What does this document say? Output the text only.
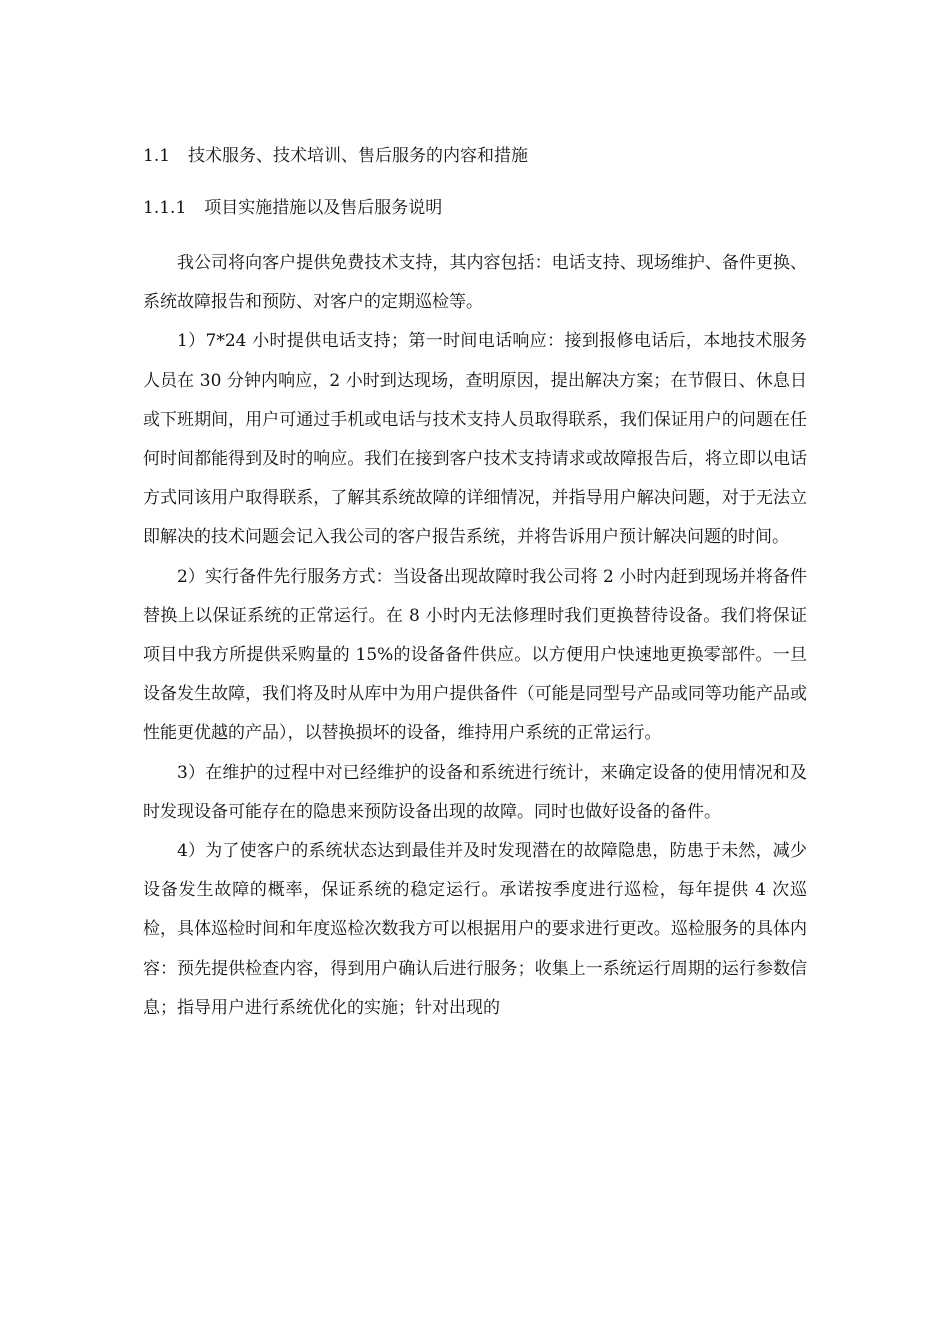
1.1 技术服务、技术培训、售后服务的内容和措施

1.1.1 项目实施措施以及售后服务说明

我公司将向客户提供免费技术支持，其内容包括：电话支持、现场维护、备件更换、系统故障报告和预防、对客户的定期巡检等。

1）7*24 小时提供电话支持；第一时间电话响应：接到报修电话后，本地技术服务人员在 30 分钟内响应，2 小时到达现场，查明原因，提出解决方案；在节假日、休息日或下班期间，用户可通过手机或电话与技术支持人员取得联系，我们保证用户的问题在任何时间都能得到及时的响应。我们在接到客户技术支持请求或故障报告后，将立即以电话方式同该用户取得联系，了解其系统故障的详细情况，并指导用户解决问题，对于无法立即解决的技术问题会记入我公司的客户报告系统，并将告诉用户预计解决问题的时间。

2）实行备件先行服务方式：当设备出现故障时我公司将 2 小时内赶到现场并将备件替换上以保证系统的正常运行。在 8 小时内无法修理时我们更换替待设备。我们将保证项目中我方所提供采购量的 15%的设备备件供应。以方便用户快速地更换零部件。一旦设备发生故障，我们将及时从库中为用户提供备件（可能是同型号产品或同等功能产品或性能更优越的产品），以替换损坏的设备，维持用户系统的正常运行。

3）在维护的过程中对已经维护的设备和系统进行统计，来确定设备的使用情况和及时发现设备可能存在的隐患来预防设备出现的故障。同时也做好设备的备件。

4）为了使客户的系统状态达到最佳并及时发现潜在的故障隐患，防患于未然，减少设备发生故障的概率，保证系统的稳定运行。承诺按季度进行巡检，每年提供 4 次巡检，具体巡检时间和年度巡检次数我方可以根据用户的要求进行更改。巡检服务的具体内容：预先提供检查内容，得到用户确认后进行服务；收集上一系统运行周期的运行参数信息；指导用户进行系统优化的实施；针对出现的
